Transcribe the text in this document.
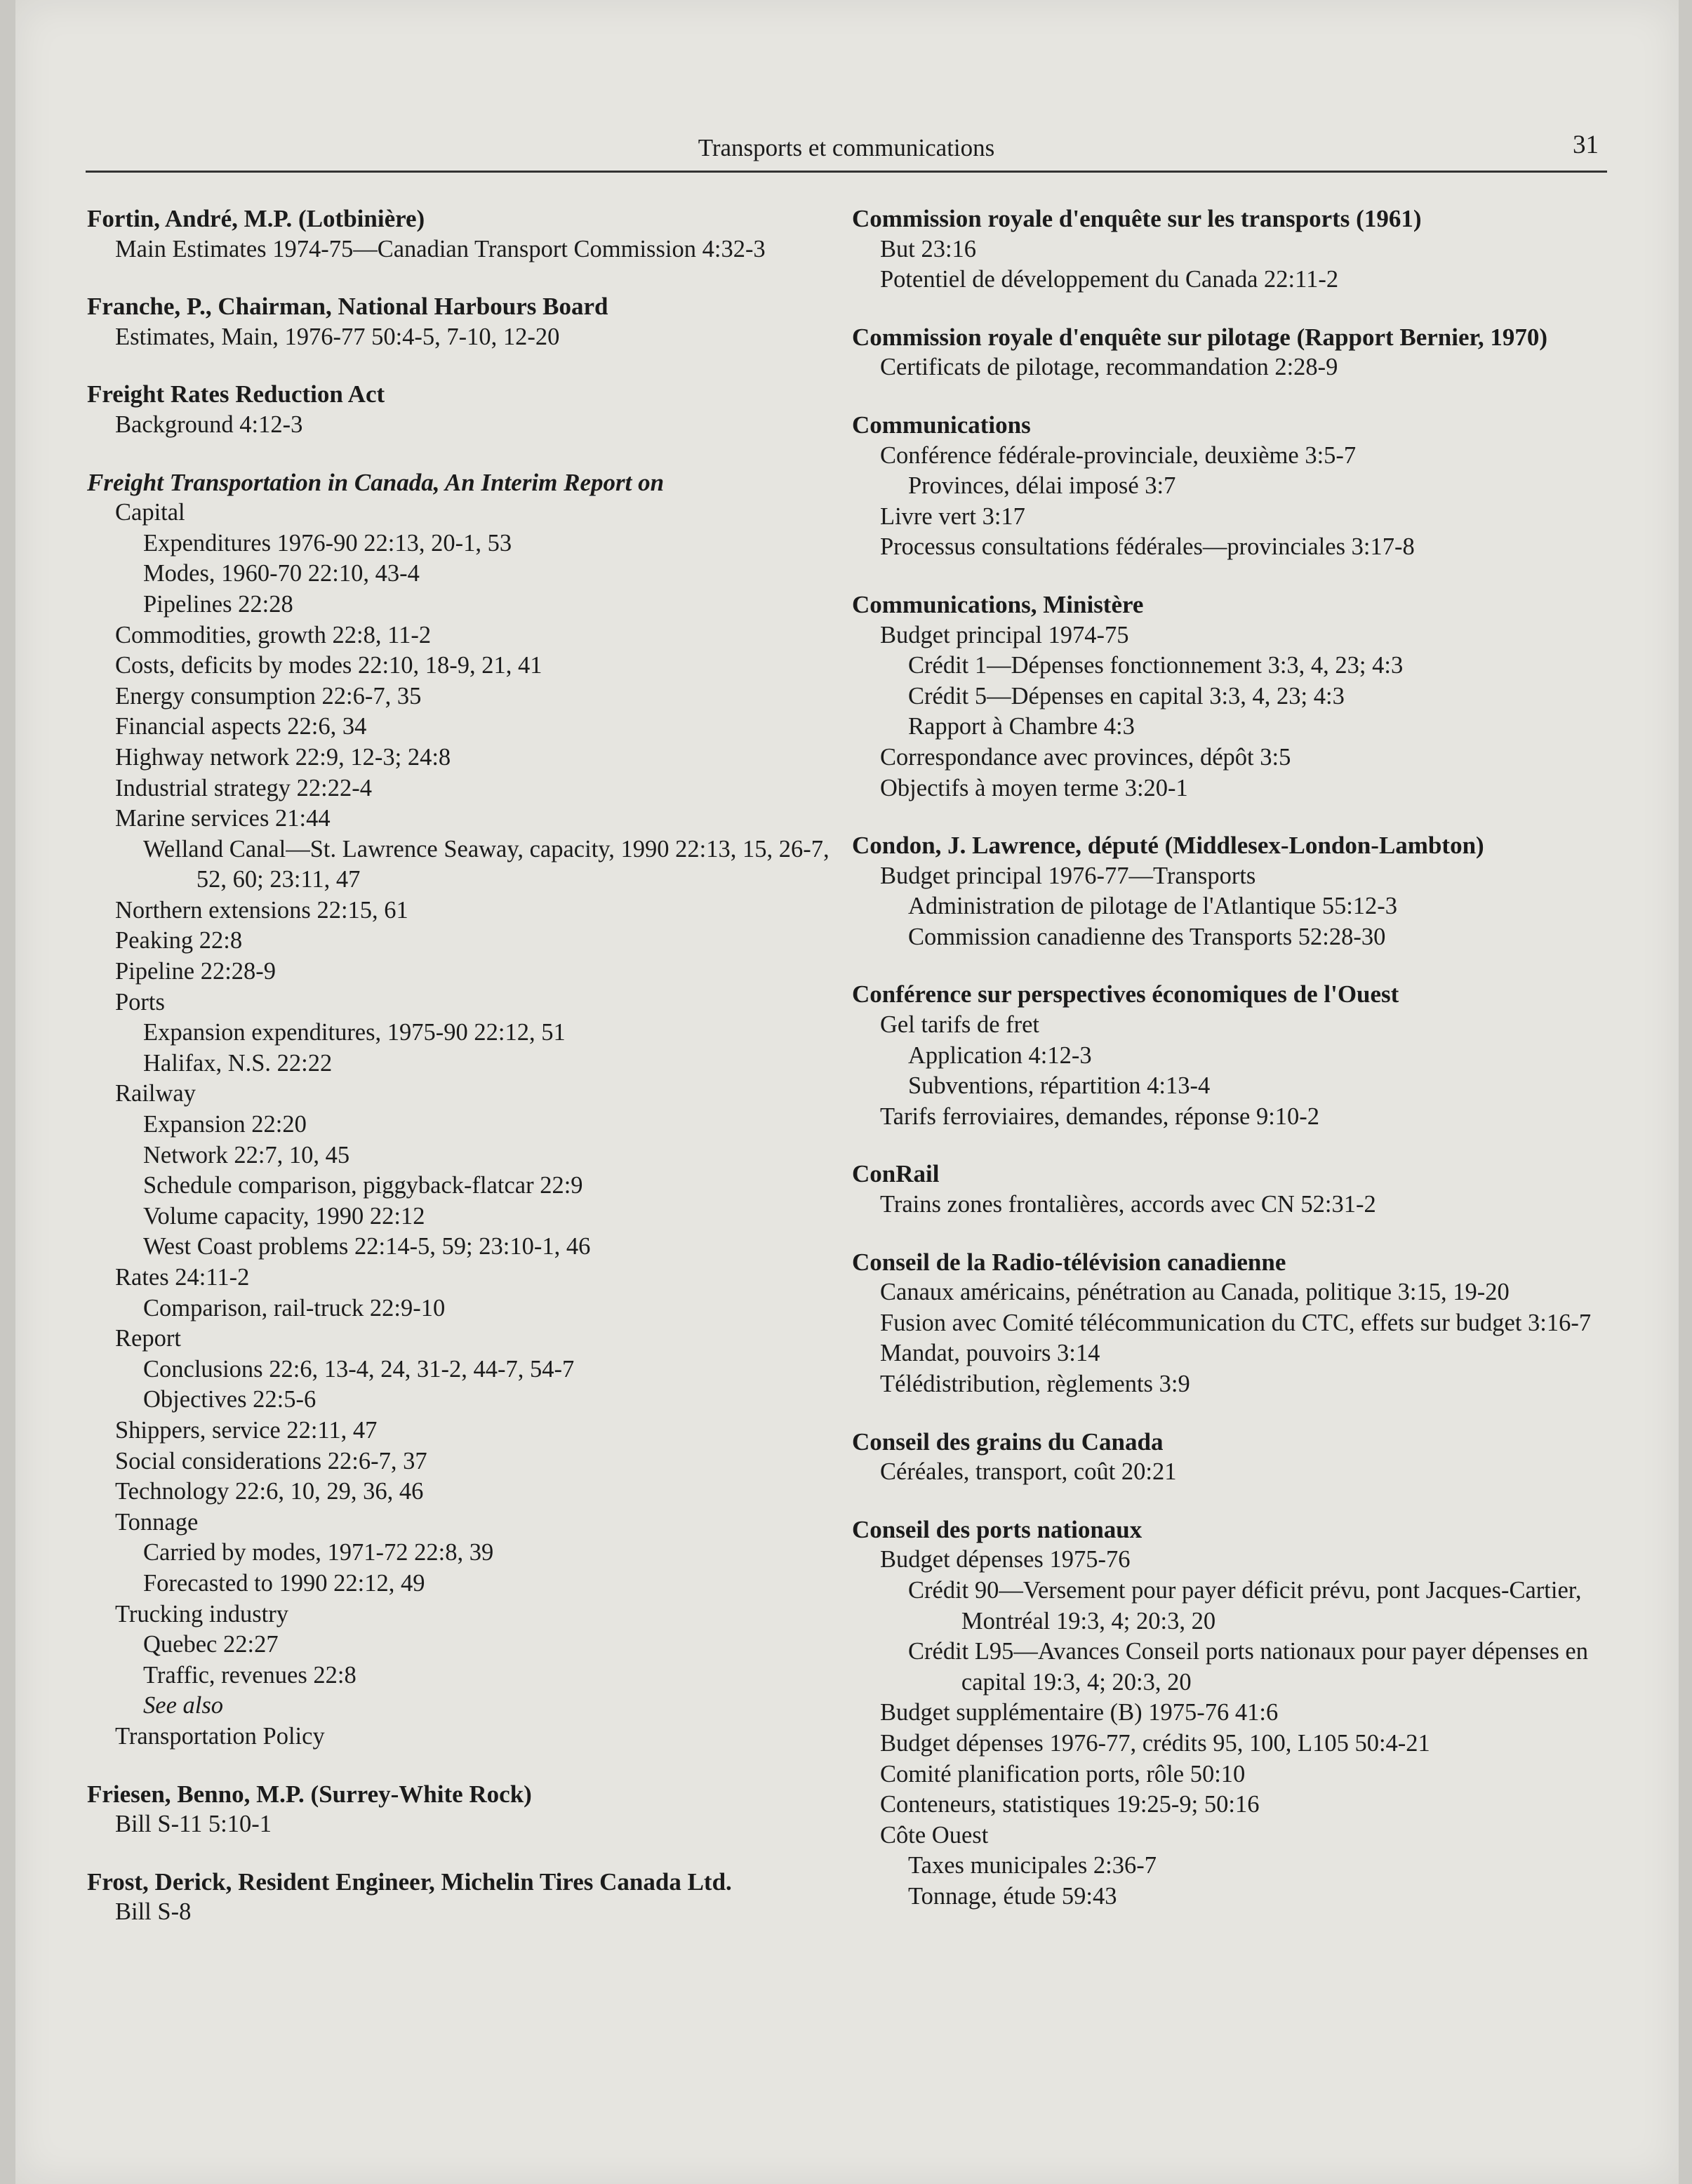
Transports et communications	31
Fortin, André, M.P. (Lotbinière)
Main Estimates 1974-75—Canadian Transport Commission 4:32-3
Franche, P., Chairman, National Harbours Board
Estimates, Main, 1976-77 50:4-5, 7-10, 12-20
Freight Rates Reduction Act
Background 4:12-3
Freight Transportation in Canada, An Interim Report on
Capital
Expenditures 1976-90 22:13, 20-1, 53
Modes, 1960-70 22:10, 43-4
Pipelines 22:28
Commodities, growth 22:8, 11-2
Costs, deficits by modes 22:10, 18-9, 21, 41
Energy consumption 22:6-7, 35
Financial aspects 22:6, 34
Highway network 22:9, 12-3; 24:8
Industrial strategy 22:22-4
Marine services 21:44
Welland Canal—St. Lawrence Seaway, capacity, 1990 22:13, 15, 26-7, 52, 60; 23:11, 47
Northern extensions 22:15, 61
Peaking 22:8
Pipeline 22:28-9
Ports
Expansion expenditures, 1975-90 22:12, 51
Halifax, N.S. 22:22
Railway
Expansion 22:20
Network 22:7, 10, 45
Schedule comparison, piggyback-flatcar 22:9
Volume capacity, 1990 22:12
West Coast problems 22:14-5, 59; 23:10-1, 46
Rates 24:11-2
Comparison, rail-truck 22:9-10
Report
Conclusions 22:6, 13-4, 24, 31-2, 44-7, 54-7
Objectives 22:5-6
Shippers, service 22:11, 47
Social considerations 22:6-7, 37
Technology 22:6, 10, 29, 36, 46
Tonnage
Carried by modes, 1971-72 22:8, 39
Forecasted to 1990 22:12, 49
Trucking industry
Quebec 22:27
Traffic, revenues 22:8
See also
Transportation Policy
Friesen, Benno, M.P. (Surrey-White Rock)
Bill S-11 5:10-1
Frost, Derick, Resident Engineer, Michelin Tires Canada Ltd.
Bill S-8
Commission royale d'enquête sur les transports (1961)
But 23:16
Potentiel de développement du Canada 22:11-2
Commission royale d'enquête sur pilotage (Rapport Bernier, 1970)
Certificats de pilotage, recommandation 2:28-9
Communications
Conférence fédérale-provinciale, deuxième 3:5-7
Provinces, délai imposé 3:7
Livre vert 3:17
Processus consultations fédérales—provinciales 3:17-8
Communications, Ministère
Budget principal 1974-75
Crédit 1—Dépenses fonctionnement 3:3, 4, 23; 4:3
Crédit 5—Dépenses en capital 3:3, 4, 23; 4:3
Rapport à Chambre 4:3
Correspondance avec provinces, dépôt 3:5
Objectifs à moyen terme 3:20-1
Condon, J. Lawrence, député (Middlesex-London-Lambton)
Budget principal 1976-77—Transports
Administration de pilotage de l'Atlantique 55:12-3
Commission canadienne des Transports 52:28-30
Conférence sur perspectives économiques de l'Ouest
Gel tarifs de fret
Application 4:12-3
Subventions, répartition 4:13-4
Tarifs ferroviaires, demandes, réponse 9:10-2
ConRail
Trains zones frontalières, accords avec CN 52:31-2
Conseil de la Radio-télévision canadienne
Canaux américains, pénétration au Canada, politique 3:15, 19-20
Fusion avec Comité télécommunication du CTC, effets sur budget 3:16-7
Mandat, pouvoirs 3:14
Télédistribution, règlements 3:9
Conseil des grains du Canada
Céréales, transport, coût 20:21
Conseil des ports nationaux
Budget dépenses 1975-76
Crédit 90—Versement pour payer déficit prévu, pont Jacques-Cartier, Montréal 19:3, 4; 20:3, 20
Crédit L95—Avances Conseil ports nationaux pour payer dépenses en capital 19:3, 4; 20:3, 20
Budget supplémentaire (B) 1975-76 41:6
Budget dépenses 1976-77, crédits 95, 100, L105 50:4-21
Comité planification ports, rôle 50:10
Conteneurs, statistiques 19:25-9; 50:16
Côte Ouest
Taxes municipales 2:36-7
Tonnage, étude 59:43
